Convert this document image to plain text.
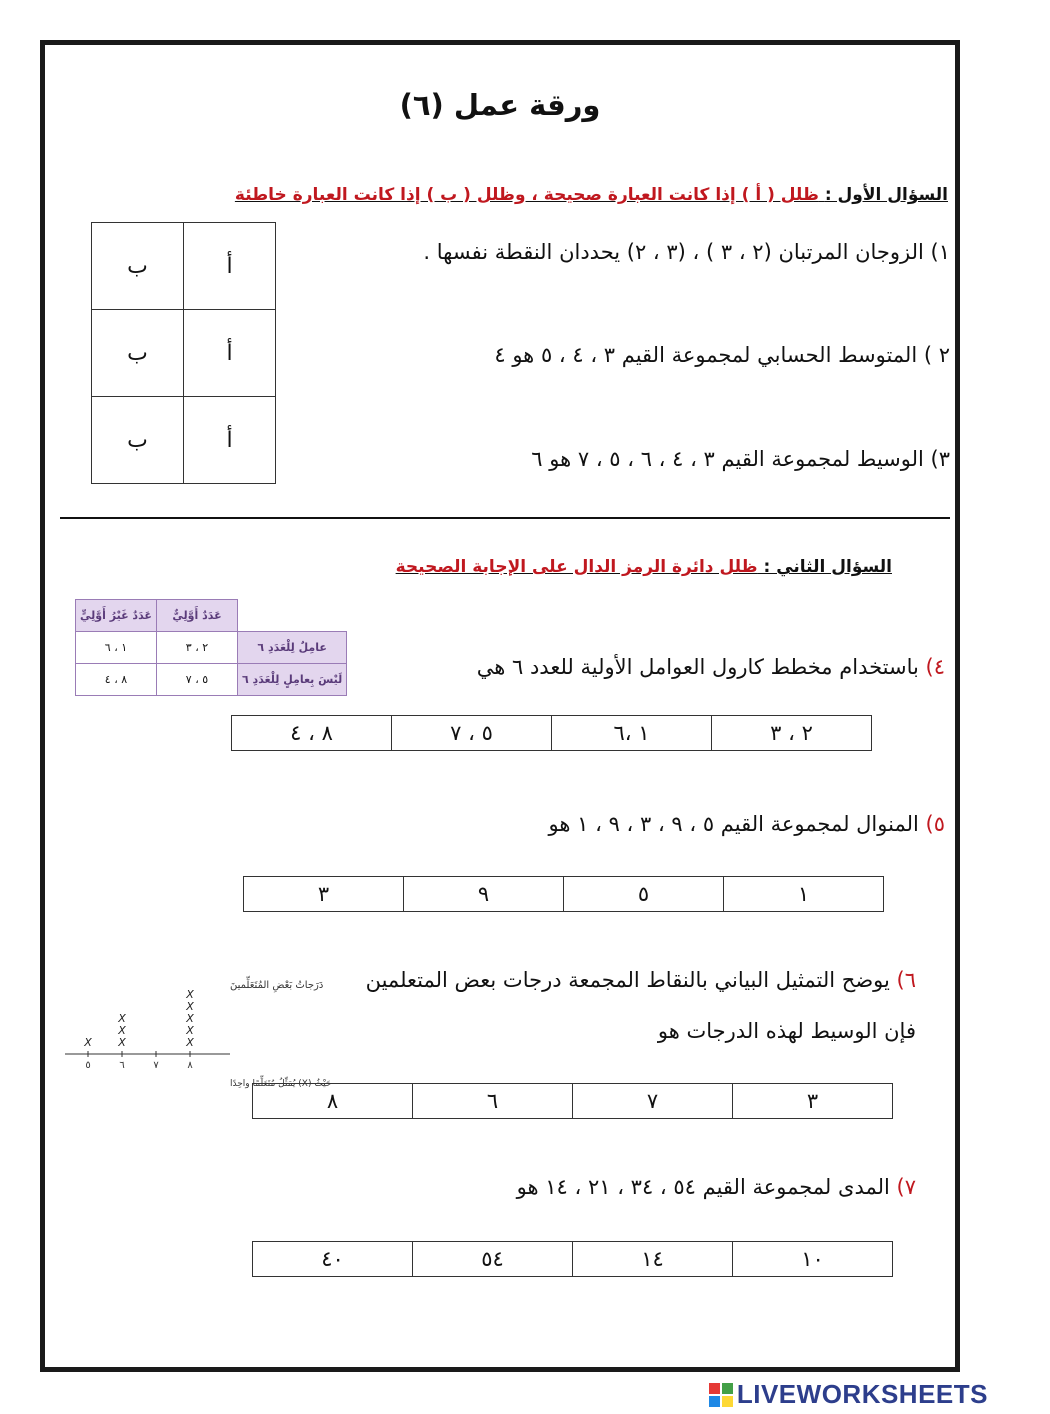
ورقة عمل (٦)
السؤال الأول : ظلل ( أ ) إذا كانت العبارة صحيحة ، وظلل ( ب ) إذا كانت العبارة خاطئة
١) الزوجان المرتبان (٢ ، ٣ ) ، (٣ ، ٢) يحددان النقطة نفسها .
٢ ) المتوسط الحسابي لمجموعة القيم ٣ ، ٤ ، ٥ هو ٤
٣) الوسيط لمجموعة القيم ٣ ، ٤ ، ٦ ، ٥ ، ٧ هو ٦
ب	أ
ب	أ
ب	أ
السؤال الثاني : ظلل دائرة الرمز الدال على الإجابة الصحيحة
	عَدَدٌ أَوَّلِيٌّ	عَدَدٌ غَيْرُ أَوَّلِيٍّ
عامِلٌ لِلْعَدَدِ ٦	٢ ، ٣	١ ، ٦
لَيْسَ بِعامِلٍ لِلْعَدَدِ ٦	٥ ، ٧	٨ ، ٤
٤) باستخدام مخطط كارول العوامل الأولية للعدد ٦ هي
٢ ، ٣	١ ،٦	٥ ، ٧	٨ ، ٤
٥) المنوال لمجموعة القيم ٥ ، ٩ ، ٣ ، ٩ ، ١ هو
١	٥	٩	٣
دَرَجاتُ بَعْضِ المُتَعَلِّمينَ
٥	٦	٧	٨
X X
X
X
X
X
X
X
X
حَيْثُ (X) يُمَثِّلُ مُتَعَلِّمًا واحِدًا
٦) يوضح التمثيل البياني بالنقاط المجمعة درجات بعض المتعلمين
فإن الوسيط لهذه الدرجات هو
٣	٧	٦	٨
٧) المدى لمجموعة القيم ٥٤ ، ٣٤ ، ٢١ ، ١٤ هو
١٠	١٤	٥٤	٤٠
LIVEWORKSHEETS
